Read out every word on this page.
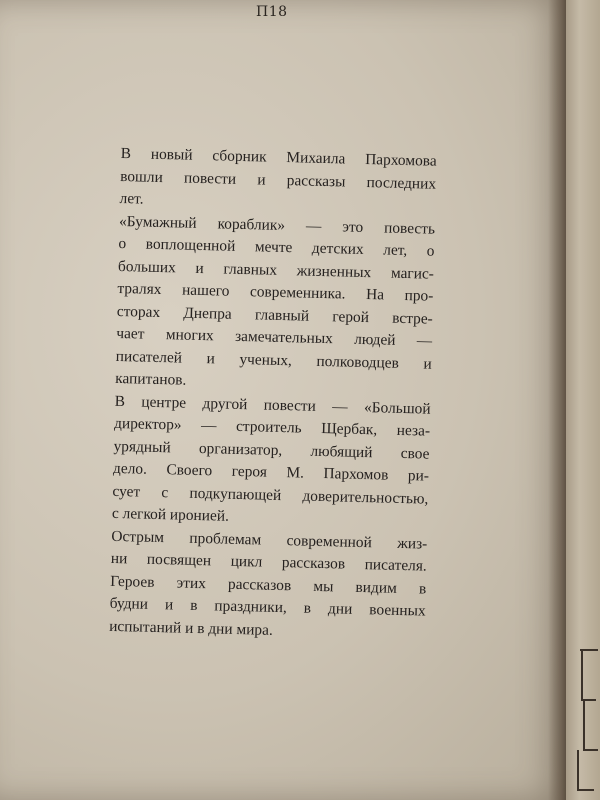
П18
В новый сборник Михаила Пархомова
вошли повести и рассказы последних
лет.
«Бумажный кораблик» — это повесть
о воплощенной мечте детских лет, о
больших и главных жизненных магис-
тралях нашего современника. На про-
сторах Днепра главный герой встре-
чает многих замечательных людей —
писателей и ученых, полководцев и
капитанов.
В центре другой повести — «Большой
директор» — строитель Щербак, неза-
урядный организатор, любящий свое
дело. Своего героя М. Пархомов ри-
сует с подкупающей доверительностью,
с легкой иронией.
Острым проблемам современной жиз-
ни посвящен цикл рассказов писателя.
Героев этих рассказов мы видим в
будни и в праздники, в дни военных
испытаний и в дни мира.
